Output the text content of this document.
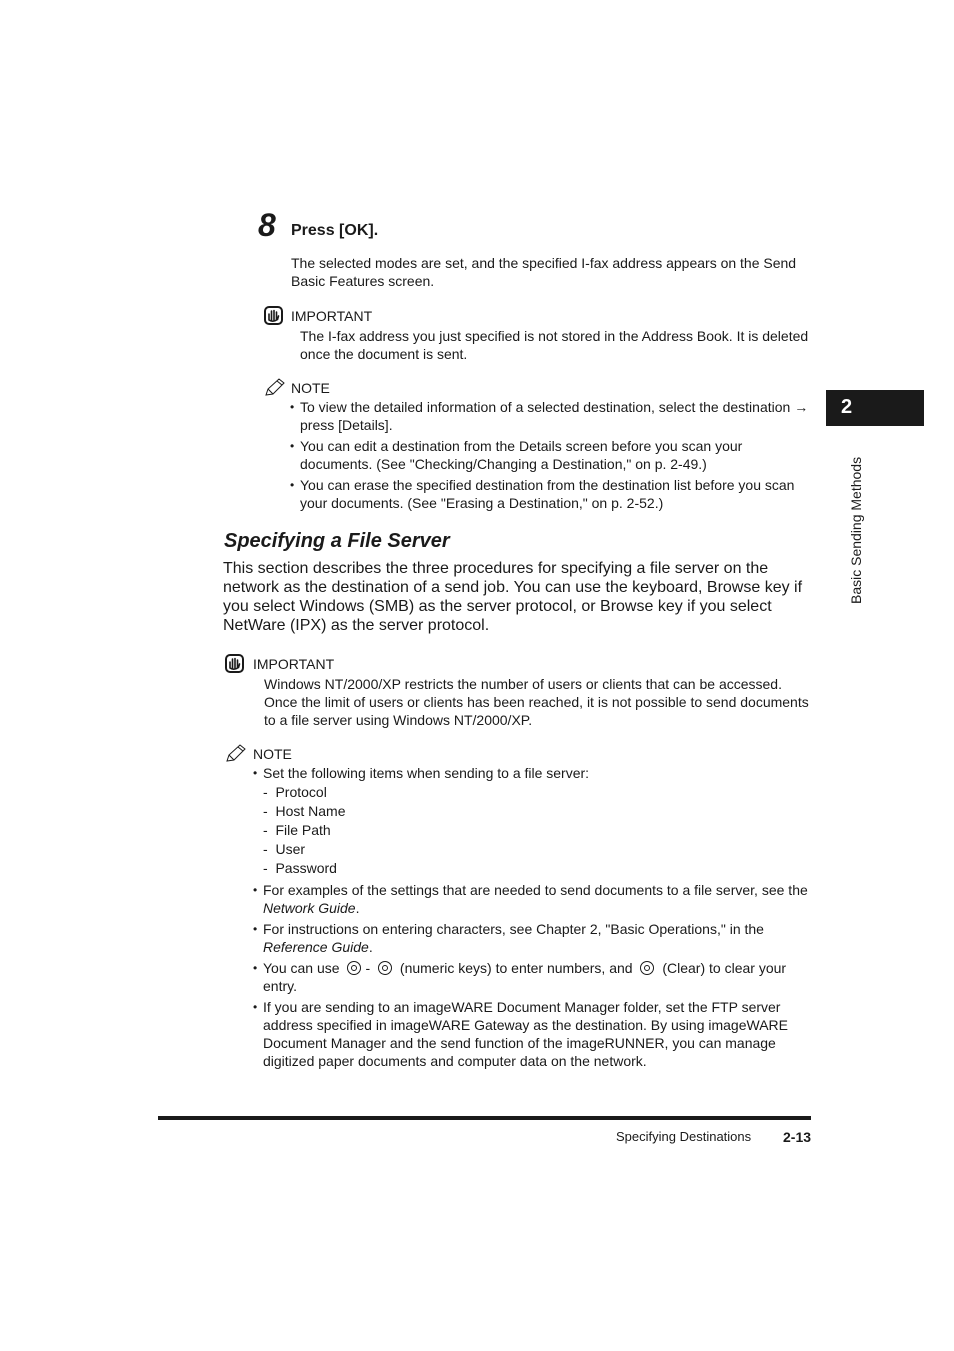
8 Press [OK].
The selected modes are set, and the specified I-fax address appears on the Send Basic Features screen.
IMPORTANT
The I-fax address you just specified is not stored in the Address Book. It is deleted once the document is sent.
NOTE
• To view the detailed information of a selected destination, select the destination → press [Details].
• You can edit a destination from the Details screen before you scan your documents. (See "Checking/Changing a Destination," on p. 2-49.)
• You can erase the specified destination from the destination list before you scan your documents. (See "Erasing a Destination," on p. 2-52.)
Specifying a File Server
This section describes the three procedures for specifying a file server on the network as the destination of a send job. You can use the keyboard, Browse key if you select Windows (SMB) as the server protocol, or Browse key if you select NetWare (IPX) as the server protocol.
IMPORTANT
Windows NT/2000/XP restricts the number of users or clients that can be accessed. Once the limit of users or clients has been reached, it is not possible to send documents to a file server using Windows NT/2000/XP.
NOTE
• Set the following items when sending to a file server:
-  Protocol
-  Host Name
-  File Path
-  User
-  Password
• For examples of the settings that are needed to send documents to a file server, see the Network Guide.
• For instructions on entering characters, see Chapter 2, "Basic Operations," in the Reference Guide.
• You can use - (numeric keys) to enter numbers, and (Clear) to clear your entry.
• If you are sending to an imageWARE Document Manager folder, set the FTP server address specified in imageWARE Gateway as the destination. By using imageWARE Document Manager and the send function of the imageRUNNER, you can manage digitized paper documents and computer data on the network.
2
Basic Sending Methods
Specifying Destinations 2-13
